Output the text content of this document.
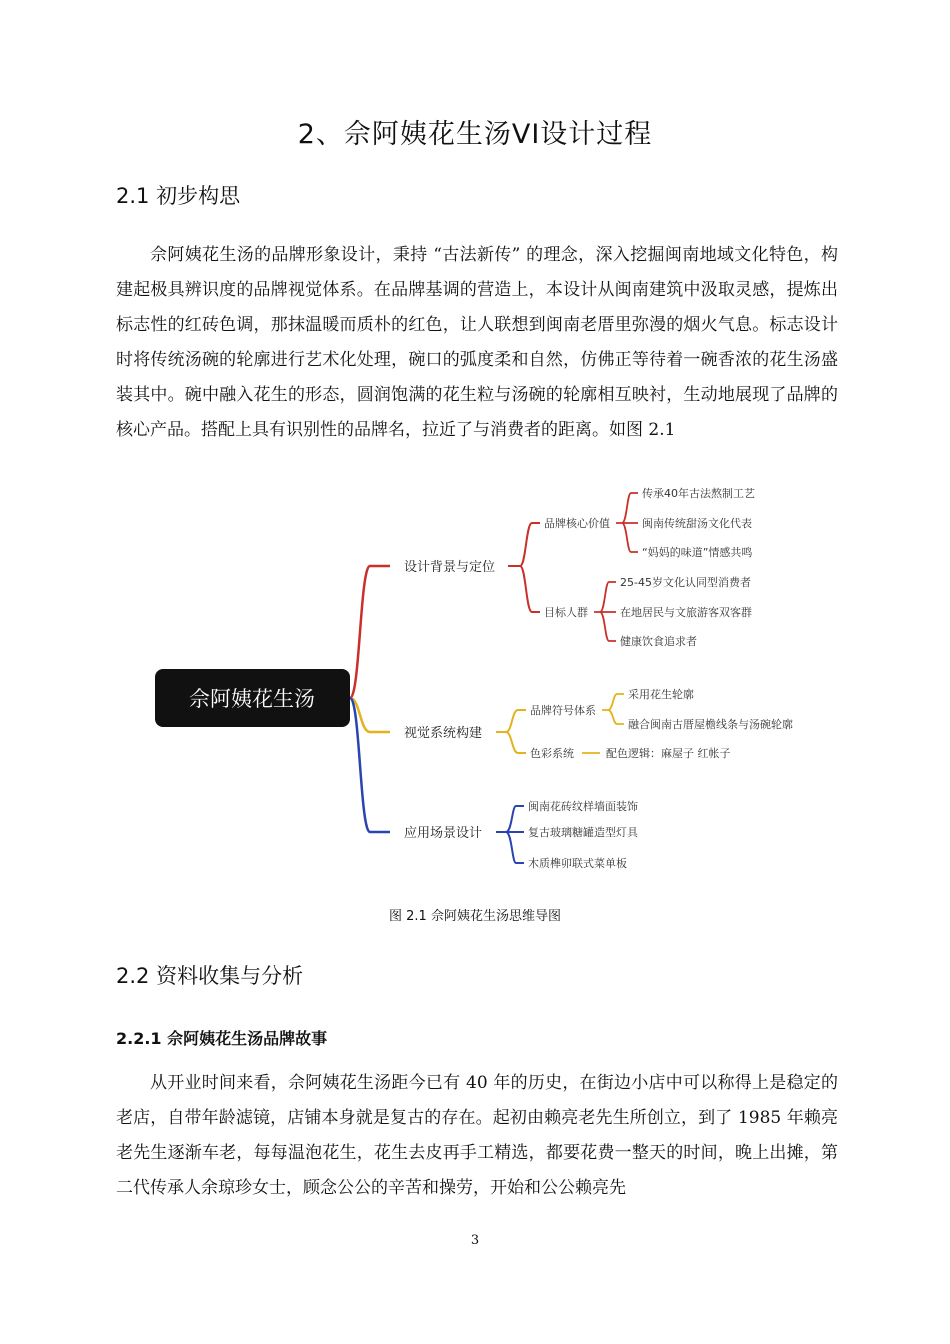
2、佘阿姨花生汤VI设计过程
2.1 初步构思

佘阿姨花生汤的品牌形象设计，秉持 “古法新传” 的理念，深入挖掘闽南地域文化特色，构建起极具辨识度的品牌视觉体系。在品牌基调的营造上，本设计从闽南建筑中汲取灵感，提炼出标志性的红砖色调，那抹温暖而质朴的红色，让人联想到闽南老厝里弥漫的烟火气息。标志设计时将传统汤碗的轮廓进行艺术化处理，碗口的弧度柔和自然，仿佛正等待着一碗香浓的花生汤盛装其中。碗中融入花生的形态，圆润饱满的花生粒与汤碗的轮廓相互映衬，生动地展现了品牌的核心产品。搭配上具有识别性的品牌名，拉近了与消费者的距离。如图 2.1

佘阿姨花生汤
设计背景与定位
品牌核心价值
目标人群
传承40年古法熬制工艺
闽南传统甜汤文化代表
“妈妈的味道”情感共鸣
25-45岁文化认同型消费者
在地居民与文旅游客双客群
健康饮食追求者
视觉系统构建
品牌符号体系
色彩系统
采用花生轮廓
融合闽南古厝屋檐线条与汤碗轮廓
配色逻辑：麻屋子 红帐子
应用场景设计
闽南花砖纹样墙面装饰
复古玻璃糖罐造型灯具
木质榫卯联式菜单板
图 2.1 佘阿姨花生汤思维导图
2.2 资料收集与分析
2.2.1 佘阿姨花生汤品牌故事

从开业时间来看，佘阿姨花生汤距今已有 40 年的历史，在街边小店中可以称得上是稳定的老店，自带年龄滤镜，店铺本身就是复古的存在。起初由赖亮老先生所创立，到了 1985 年赖亮老先生逐渐车老，每每温泡花生，花生去皮再手工精选，都要花费一整天的时间，晚上出摊，第二代传承人余琼珍女士，顾念公公的辛苦和操劳，开始和公公赖亮先

3
